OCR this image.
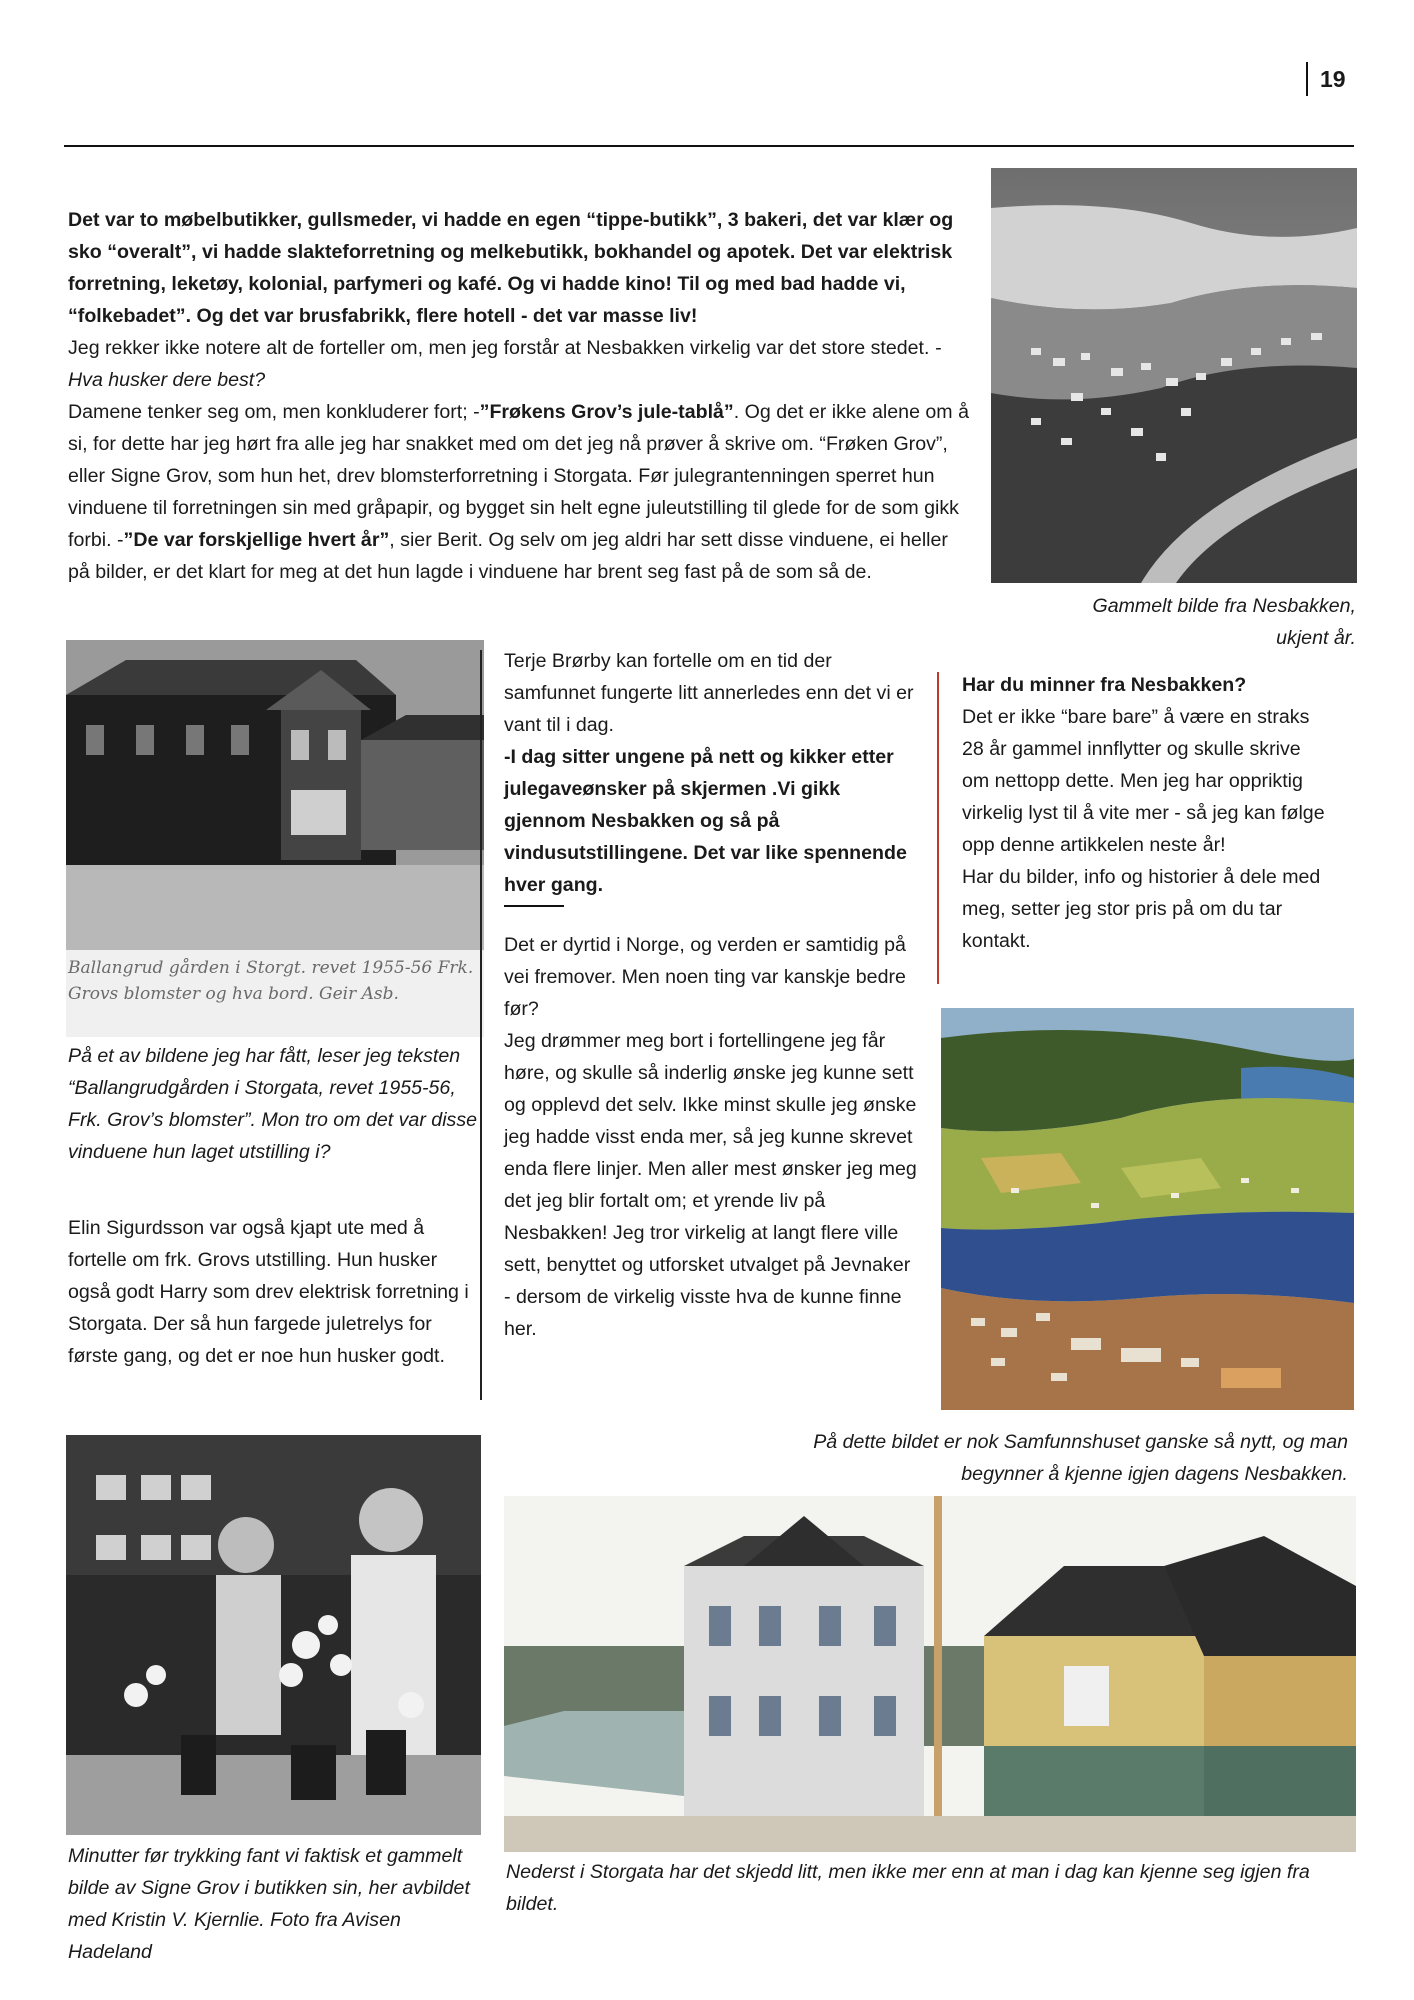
19

Det var to møbelbutikker, gullsmeder, vi hadde en egen “tippe-butikk”, 3 bakeri, det var klær og sko “overalt”, vi hadde slakteforretning og melkebutikk, bokhandel og apotek. Det var elektrisk forretning, leketøy, kolonial, parfymeri og kafé. Og vi hadde kino! Til og med bad hadde vi, “folkebadet”. Og det var brusfabrikk, flere hotell - det var masse liv!

Jeg rekker ikke notere alt de forteller om, men jeg forstår at Nesbakken virkelig var det store stedet. -Hva husker dere best?

Damene tenker seg om, men konkluderer fort; -”Frøkens Grov’s jule-tablå”. Og det er ikke alene om å si, for dette har jeg hørt fra alle jeg har snakket med om det jeg nå prøver å skrive om. “Frøken Grov”, eller Signe Grov, som hun het, drev blomsterforretning i Storgata. Før julegrantenningen sperret hun vinduene til forretningen sin med gråpapir, og bygget sin helt egne juleutstilling til glede for de som gikk forbi. -”De var forskjellige hvert år”, sier Berit. Og selv om jeg aldri har sett disse vinduene, ei heller på bilder, er det klart for meg at det hun lagde i vinduene har brent seg fast på de som så de.

Gammelt bilde fra Nesbakken, ukjent år.
Ballangrud gården i Storgt. revet 1955-56 Frk. Grovs blomster og hva bord. Geir Asb.
På et av bildene jeg har fått, leser jeg teksten “Ballangrudgården i Storgata, revet 1955-56, Frk. Grov’s blomster”. Mon tro om det var disse vinduene hun laget utstilling i?
Elin Sigurdsson var også kjapt ute med å fortelle om frk. Grovs utstilling. Hun husker også godt Harry som drev elektrisk forretning i Storgata. Der så hun fargede juletrelys for første gang, og det er noe hun husker godt.

Terje Brørby kan fortelle om en tid der samfunnet fungerte litt annerledes enn det vi er vant til i dag.

-I dag sitter ungene på nett og kikker etter julegaveønsker på skjermen .Vi gikk gjennom Nesbakken og så på vindusutstillingene. Det var like spennende hver gang.

Det er dyrtid i Norge, og verden er samtidig på vei fremover. Men noen ting var kanskje bedre før?

Jeg drømmer meg bort i fortellingene jeg får høre, og skulle så inderlig ønske jeg kunne sett og opplevd det selv. Ikke minst skulle jeg ønske jeg hadde visst enda mer, så jeg kunne skrevet enda flere linjer. Men aller mest ønsker jeg meg det jeg blir fortalt om; et yrende liv på Nesbakken! Jeg tror virkelig at langt flere ville sett, benyttet og utforsket utvalget på Jevnaker - dersom de virkelig visste hva de kunne finne her.

Har du minner fra Nesbakken?

Det er ikke “bare bare” å være en straks 28 år gammel innflytter og skulle skrive om nettopp dette. Men jeg har oppriktig virkelig lyst til å vite mer - så jeg kan følge opp denne artikkelen neste år!

Har du bilder, info og historier å dele med meg, setter jeg stor pris på om du tar kontakt.

På dette bildet er nok Samfunnshuset ganske så nytt, og man begynner å kjenne igjen dagens Nesbakken.
Minutter før trykking fant vi faktisk et gammelt bilde av Signe Grov i butikken sin, her avbildet med Kristin V. Kjernlie. Foto fra Avisen Hadeland
Nederst i Storgata har det skjedd litt, men ikke mer enn at man i dag kan kjenne seg igjen fra bildet.
